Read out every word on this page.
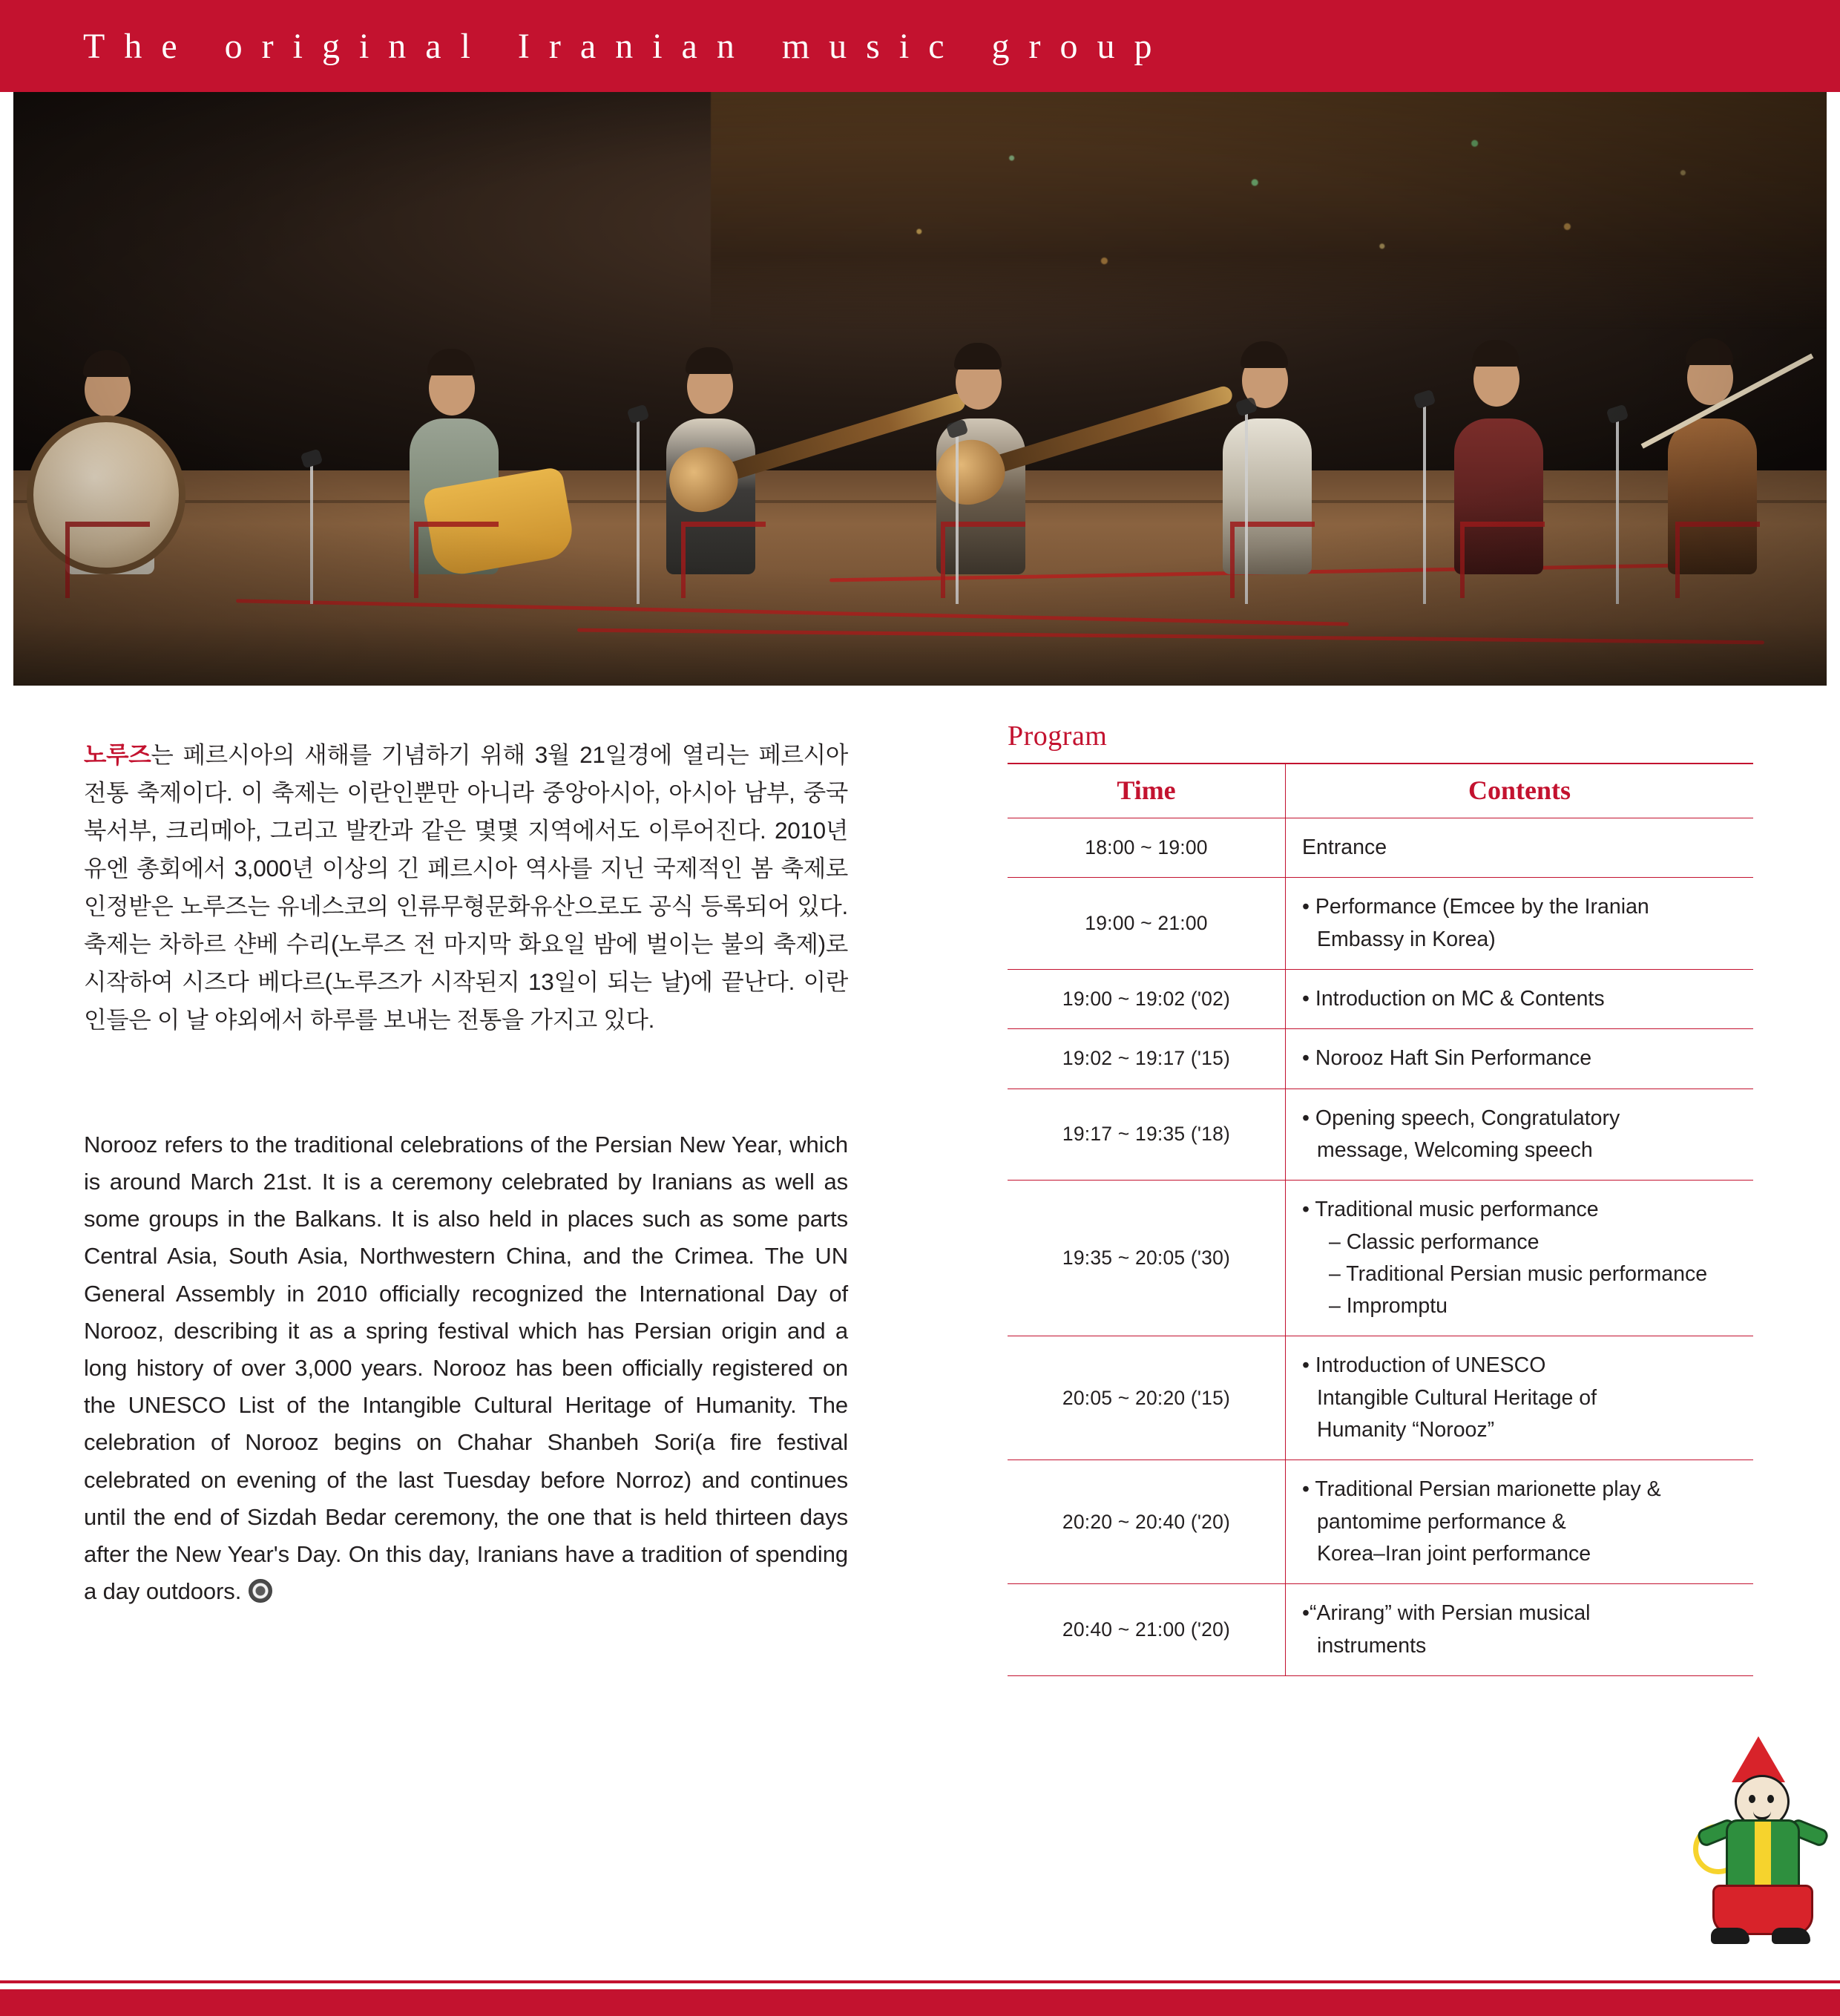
The original Iranian music group

노루즈는 페르시아의 새해를 기념하기 위해 3월 21일경에 열리는 페르시아 전통 축제이다. 이 축제는 이란인뿐만 아니라 중앙아시아, 아시아 남부, 중국 북서부, 크리메아, 그리고 발칸과 같은 몇몇 지역에서도 이루어진다. 2010년 유엔 총회에서 3,000년 이상의 긴 페르시아 역사를 지닌 국제적인 봄 축제로 인정받은 노루즈는 유네스코의 인류무형문화유산으로도 공식 등록되어 있다. 축제는 차하르 샨베 수리(노루즈 전 마지막 화요일 밤에 벌이는 불의 축제)로 시작하여 시즈다 베다르(노루즈가 시작된지 13일이 되는 날)에 끝난다. 이란인들은 이 날 야외에서 하루를 보내는 전통을 가지고 있다.

Norooz refers to the traditional celebrations of the Persian New Year, which is around March 21st. It is a ceremony celebrated by Iranians as well as some groups in the Balkans. It is also held in places such as some parts Central Asia, South Asia, Northwestern China, and the Crimea. The UN General Assembly in 2010 officially recognized the International Day of Norooz, describing it as a spring festival which has Persian origin and a long history of over 3,000 years. Norooz has been officially registered on the UNESCO List of the Intangible Cultural Heritage of Humanity. The celebration of Norooz begins on Chahar Shanbeh Sori(a fire festival celebrated on evening of the last Tuesday before Norroz) and continues until the end of Sizdah Bedar ceremony, the one that is held thirteen days after the New Year's Day. On this day, Iranians have a tradition of spending a day outdoors.

Program
Time	Contents
18:00 ~ 19:00	Entrance

19:00 ~ 21:00	• Performance (Emcee by the Iranian
Embassy in Korea)

19:00 ~ 19:02 ('02)	• Introduction on MC & Contents

19:02 ~ 19:17 ('15)	• Norooz Haft Sin Performance

19:17 ~ 19:35 ('18)	• Opening speech, Congratulatory
message, Welcoming speech

19:35 ~ 20:05 ('30)	• Traditional music performance
– Classic performance
– Traditional Persian music performance
– Impromptu

20:05 ~ 20:20 ('15)	• Introduction of UNESCO
Intangible Cultural Heritage of
Humanity “Norooz”

20:20 ~ 20:40 ('20)	• Traditional Persian marionette play &
pantomime performance &
Korea–Iran joint performance

20:40 ~ 21:00 ('20)	•“Arirang” with Persian musical
instruments
